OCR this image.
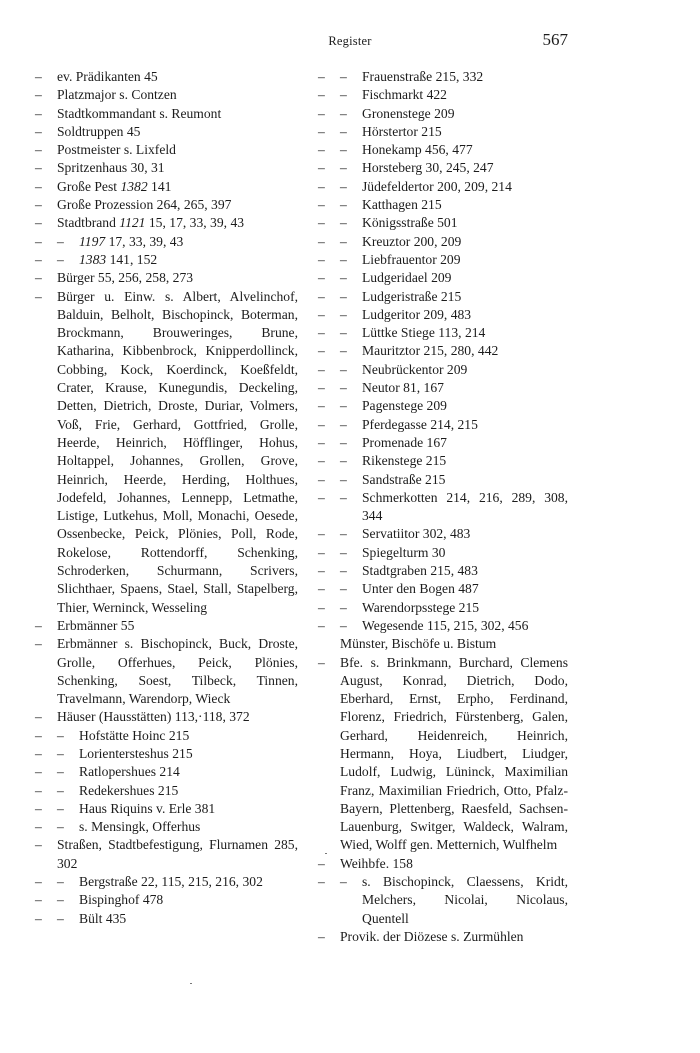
Register	567
– ev. Prädikanten 45
– Platzmajor s. Contzen
– Stadtkommandant s. Reumont
– Soldtruppen 45
– Postmeister s. Lixfeld
– Spritzenhaus 30, 31
– Große Pest 1382 141
– Große Prozession 264, 265, 397
– Stadtbrand 1121 15, 17, 33, 39, 43
– – 1197 17, 33, 39, 43
– – 1383 141, 152
– Bürger 55, 256, 258, 273
– Bürger u. Einw. s. Albert, Alvelinchof, Balduin, Belholt, Bischopinck, Boterman, Brockmann, Brouweringes, Brune, Katharina, Kibbenbrock, Knipperdollinck, Cobbing, Kock, Koerdinck, Koeßfeldt, Crater, Krause, Kunegundis, Deckeling, Detten, Dietrich, Droste, Duriar, Volmers, Voß, Frie, Gerhard, Gottfried, Grolle, Heerde, Heinrich, Höfflinger, Hohus, Holtappel, Johannes, Grollen, Grove, Heinrich, Heerde, Herding, Holthues, Jodefeld, Johannes, Lennepp, Letmathe, Listige, Lutkehus, Moll, Monachi, Oesede, Ossenbecke, Peick, Plönies, Poll, Rode, Rokelose, Rottendorff, Schenking, Schroderken, Schurmann, Scrivers, Slichthaer, Spaens, Stael, Stall, Stapelberg, Thier, Werninck, Wesseling
– Erbmänner 55
– Erbmänner s. Bischopinck, Buck, Droste, Grolle, Offerhues, Peick, Plönies, Schenking, Soest, Tilbeck, Tinnen, Travelmann, Warendorp, Wieck
– Häuser (Hausstätten) 113,·118, 372
– – Hofstätte Hoinc 215
– – Lorientersteshus 215
– – Ratlopershues 214
– – Redekershues 215
– – Haus Riquins v. Erle 381
– – s. Mensingk, Offerhus
– Straßen, Stadtbefestigung, Flurnamen 285, 302
– – Bergstraße 22, 115, 215, 216, 302
– – Bispinghof 478
– – Bült 435
– – Frauenstraße 215, 332
– – Fischmarkt 422
– – Gronenstege 209
– – Hörstertor 215
– – Honekamp 456, 477
– – Horsteberg 30, 245, 247
– – Jüdefeldertor 200, 209, 214
– – Katthagen 215
– – Königsstraße 501
– – Kreuztor 200, 209
– – Liebfrauentor 209
– – Ludgeridael 209
– – Ludgeristraße 215
– – Ludgeritor 209, 483
– – Lüttke Stiege 113, 214
– – Mauritztor 215, 280, 442
– – Neubrückentor 209
– – Neutor 81, 167
– – Pagenstege 209
– – Pferdegasse 214, 215
– – Promenade 167
– – Rikenstege 215
– – Sandstraße 215
– – Schmerkotten 214, 216, 289, 308, 344
– – Servatiitor 302, 483
– – Spiegelturm 30
– – Stadtgraben 215, 483
– – Unter den Bogen 487
– – Warendorpsstege 215
– – Wegesende 115, 215, 302, 456
Münster, Bischöfe u. Bistum
– Bfe. s. Brinkmann, Burchard, Clemens August, Konrad, Dietrich, Dodo, Eberhard, Ernst, Erpho, Ferdinand, Florenz, Friedrich, Fürstenberg, Galen, Gerhard, Heidenreich, Heinrich, Hermann, Hoya, Liudbert, Liudger, Ludolf, Ludwig, Lüninck, Maximilian Franz, Maximilian Friedrich, Otto, Pfalz-Bayern, Plettenberg, Raesfeld, Sachsen-Lauenburg, Switger, Waldeck, Walram, Wied, Wolff gen. Metternich, Wulfhelm
– Weihbfe. 158
– – s. Bischopinck, Claessens, Kridt, Melchers, Nicolai, Nicolaus, Quentell
– Provik. der Diözese s. Zurmühlen
